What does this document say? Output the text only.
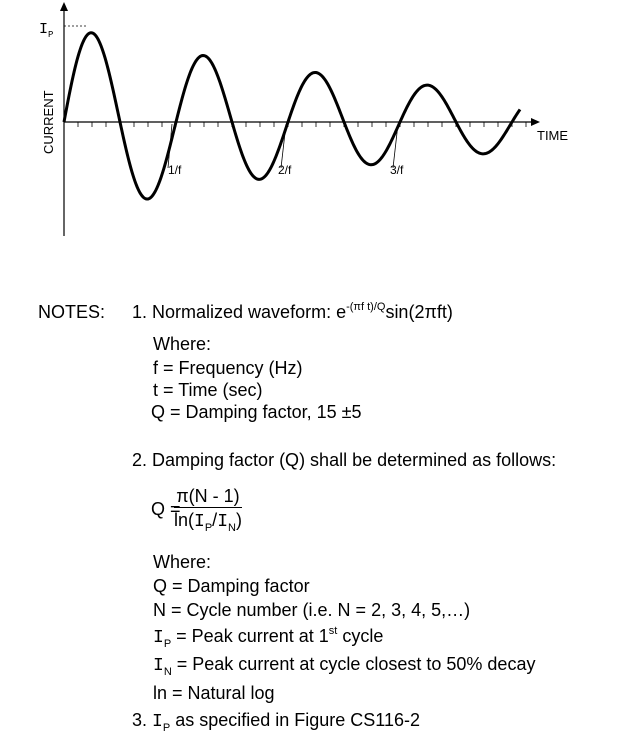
$I_P$
CURRENT	TIME
1/f	2/f	3/f
NOTES: 1. Normalized waveform: $e^{-(\pi f t)/Q}\sin(2\pi ft)$
Where:
f = Frequency (Hz)
t = Time (sec)
Q = Damping factor, 15 ±5
2. Damping factor (Q) shall be determined as follows:
Q =
$\frac{\pi(N - 1)}{\ln(I_P/I_N)}$
Where:
Q = Damping factor
N = Cycle number (i.e. N = 2, 3, 4, 5,…)
$I_P$ = Peak current at 1st cycle
$I_N$ = Peak current at cycle closest to 50% decay
ln = Natural log
3. $I_P$ as specified in Figure CS116-2
